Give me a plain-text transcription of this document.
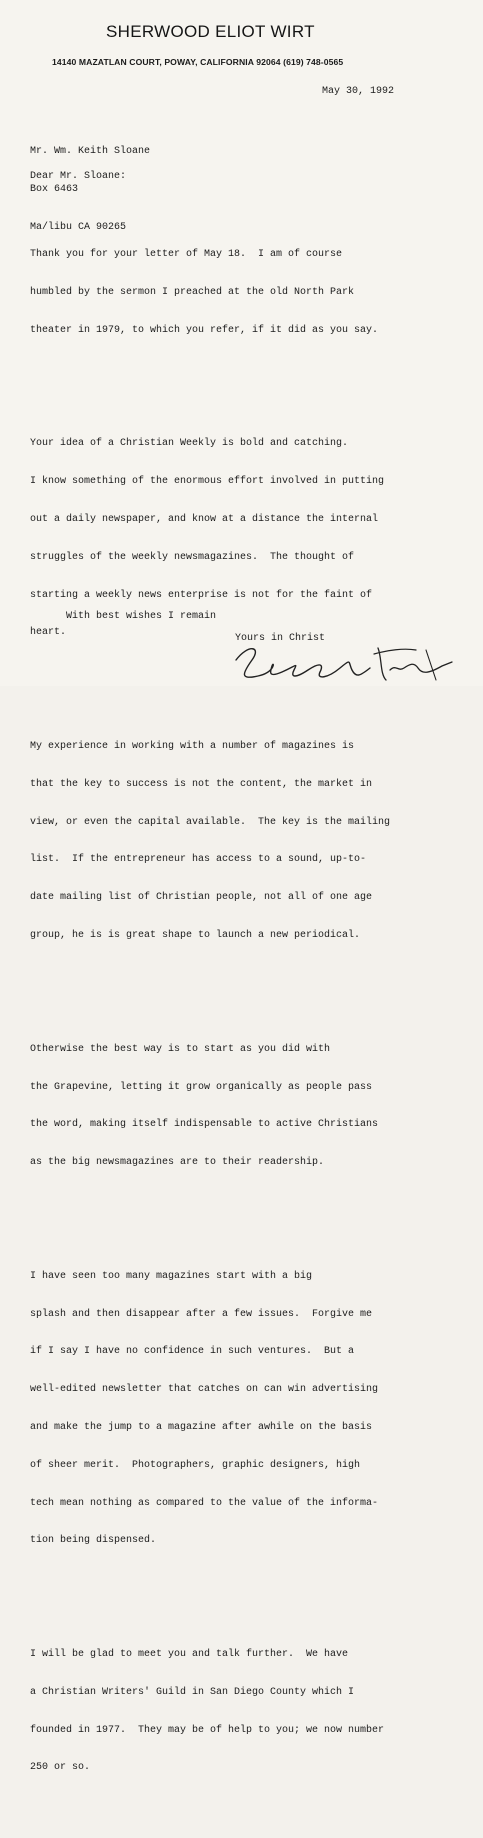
SHERWOOD ELIOT WIRT
14140 MAZATLAN COURT, POWAY, CALIFORNIA 92064 (619) 748-0565
May 30, 1992

Mr. Wm. Keith Sloane

Box 6463

Ma/libu CA 90265

Dear Mr. Sloane:

Thank you for your letter of May 18.  I am of course

humbled by the sermon I preached at the old North Park

theater in 1979, to which you refer, if it did as you say.

Your idea of a Christian Weekly is bold and catching.

I know something of the enormous effort involved in putting

out a daily newspaper, and know at a distance the internal

struggles of the weekly newsmagazines.  The thought of

starting a weekly news enterprise is not for the faint of

heart.

My experience in working with a number of magazines is

that the key to success is not the content, the market in

view, or even the capital available.  The key is the mailing

list.  If the entrepreneur has access to a sound, up-to-

date mailing list of Christian people, not all of one age

group, he is is great shape to launch a new periodical.

Otherwise the best way is to start as you did with

the Grapevine, letting it grow organically as people pass

the word, making itself indispensable to active Christians

as the big newsmagazines are to their readership.

I have seen too many magazines start with a big

splash and then disappear after a few issues.  Forgive me

if I say I have no confidence in such ventures.  But a

well-edited newsletter that catches on can win advertising

and make the jump to a magazine after awhile on the basis

of sheer merit.  Photographers, graphic designers, high

tech mean nothing as compared to the value of the informa-

tion being dispensed.

I will be glad to meet you and talk further.  We have

a Christian Writers' Guild in San Diego County which I

founded in 1977.  They may be of help to you; we now number

250 or so.

With best wishes I remain
Yours in Christ
